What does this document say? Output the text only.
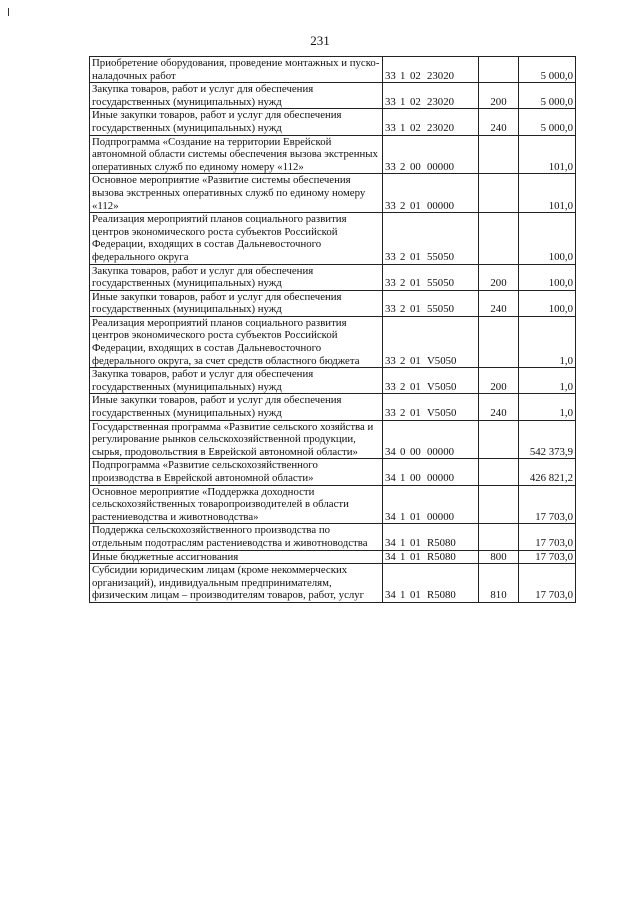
231
Приобретение оборудования, проведение монтажных и пуско-наладочных работ	33 1 02 23020		5 000,0
Закупка товаров, работ и услуг для обеспечения государственных (муниципальных) нужд	33 1 02 23020	200	5 000,0
Иные закупки товаров, работ и услуг для обеспечения государственных (муниципальных) нужд	33 1 02 23020	240	5 000,0
Подпрограмма «Создание на территории Еврейской автономной области системы обеспечения вызова экстренных оперативных служб по единому номеру «112»	33 2 00 00000		101,0
Основное мероприятие «Развитие системы обеспечения вызова экстренных оперативных служб по единому номеру «112»	33 2 01 00000		101,0
Реализация мероприятий планов социального развития центров экономического роста субъектов Российской Федерации, входящих в состав Дальневосточного федерального округа	33 2 01 55050		100,0
Закупка товаров, работ и услуг для обеспечения государственных (муниципальных) нужд	33 2 01 55050	200	100,0
Иные закупки товаров, работ и услуг для обеспечения государственных (муниципальных) нужд	33 2 01 55050	240	100,0
Реализация мероприятий планов социального развития центров экономического роста субъектов Российской Федерации, входящих в состав Дальневосточного федерального округа, за счет средств областного бюджета	33 2 01 V5050		1,0
Закупка товаров, работ и услуг для обеспечения государственных (муниципальных) нужд	33 2 01 V5050	200	1,0
Иные закупки товаров, работ и услуг для обеспечения государственных (муниципальных) нужд	33 2 01 V5050	240	1,0
Государственная программа «Развитие сельского хозяйства и регулирование рынков сельскохозяйственной продукции, сырья, продовольствия в Еврейской автономной области»	34 0 00 00000		542 373,9
Подпрограмма «Развитие сельскохозяйственного производства в Еврейской автономной области»	34 1 00 00000		426 821,2
Основное мероприятие «Поддержка доходности сельскохозяйственных товаропроизводителей в области растениеводства и животноводства»	34 1 01 00000		17 703,0
Поддержка сельскохозяйственного производства по отдельным подотраслям растениеводства и животноводства	34 1 01 R5080		17 703,0
Иные бюджетные ассигнования	34 1 01 R5080	800	17 703,0
Субсидии юридическим лицам (кроме некоммерческих организаций), индивидуальным предпринимателям, физическим лицам – производителям товаров, работ, услуг	34 1 01 R5080	810	17 703,0
